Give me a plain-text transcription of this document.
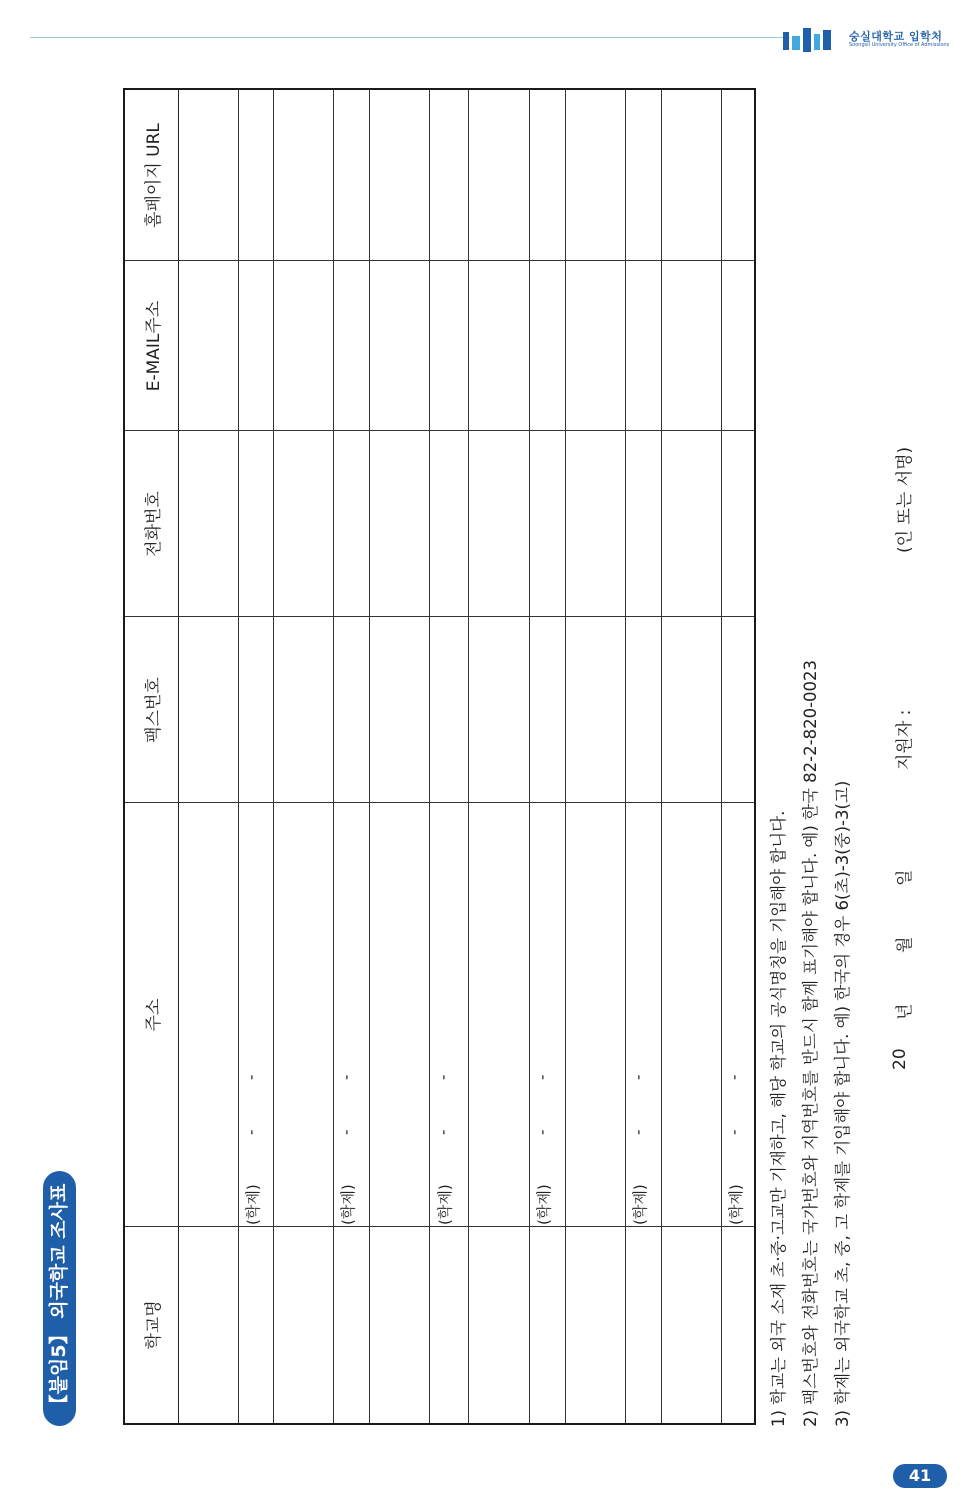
숭실대학교 입학처
Soongsil University Office of Admissions
【붙임5】 외국학교 조사표	학교명
주소
팩스번호
전화번호
E-MAIL주소
홈페이지 URL
(학제)
-
-
(학제)
-
-
(학제)
-
-
(학제)
-
-
(학제)
-
-
(학제)
-
- 1) 학교는 외국 소재 초·중·고교만 기재하고, 해당 학교의 공식명칭을 기입해야 합니다. 2) 팩스번호와 전화번호는 국가번호와 지역번호를 반드시 함께 표기해야 합니다. 예) 한국 82-2-820-0023 3) 학제는 외국학교 초, 중, 고 학제를 기입해야 합니다. 예) 한국의 경우 6(초)-3(중)-3(고) 20
년
월
일
지원자 :
(인 또는 서명)
41
